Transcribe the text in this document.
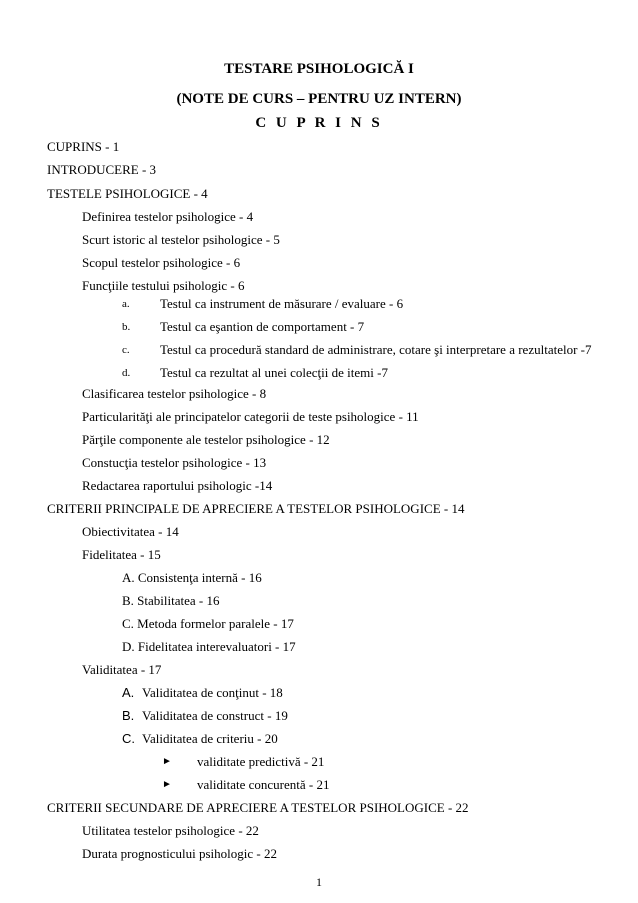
TESTARE PSIHOLOGICĂ I
(NOTE DE CURS – PENTRU UZ INTERN)
C U P R I N S
CUPRINS - 1
INTRODUCERE - 3
TESTELE PSIHOLOGICE - 4
Definirea testelor psihologice - 4
Scurt istoric al testelor psihologice - 5
Scopul testelor psihologice - 6
Funcţiile testului psihologic - 6
a. Testul ca instrument de măsurare / evaluare - 6
b. Testul ca eşantion de comportament - 7
c. Testul ca procedură standard de administrare, cotare şi interpretare a rezultatelor -7
d. Testul ca rezultat al unei colecţii de itemi -7
Clasificarea testelor psihologice - 8
Particularităţi ale principatelor categorii de teste psihologice - 11
Părţile componente ale testelor psihologice - 12
Constucţia testelor psihologice - 13
Redactarea raportului psihologic -14
CRITERII PRINCIPALE DE APRECIERE A TESTELOR PSIHOLOGICE - 14
Obiectivitatea - 14
Fidelitatea - 15
A. Consistenţa internă - 16
B. Stabilitatea - 16
C. Metoda formelor paralele - 17
D. Fidelitatea interevaluatori - 17
Validitatea - 17
A. Validitatea de conţinut - 18
B. Validitatea de construct - 19
C. Validitatea de criteriu - 20
► validitate predictivă - 21
► validitate concurentă - 21
CRITERII SECUNDARE DE APRECIERE A TESTELOR PSIHOLOGICE - 22
Utilitatea testelor psihologice - 22
Durata prognosticului psihologic - 22
1
